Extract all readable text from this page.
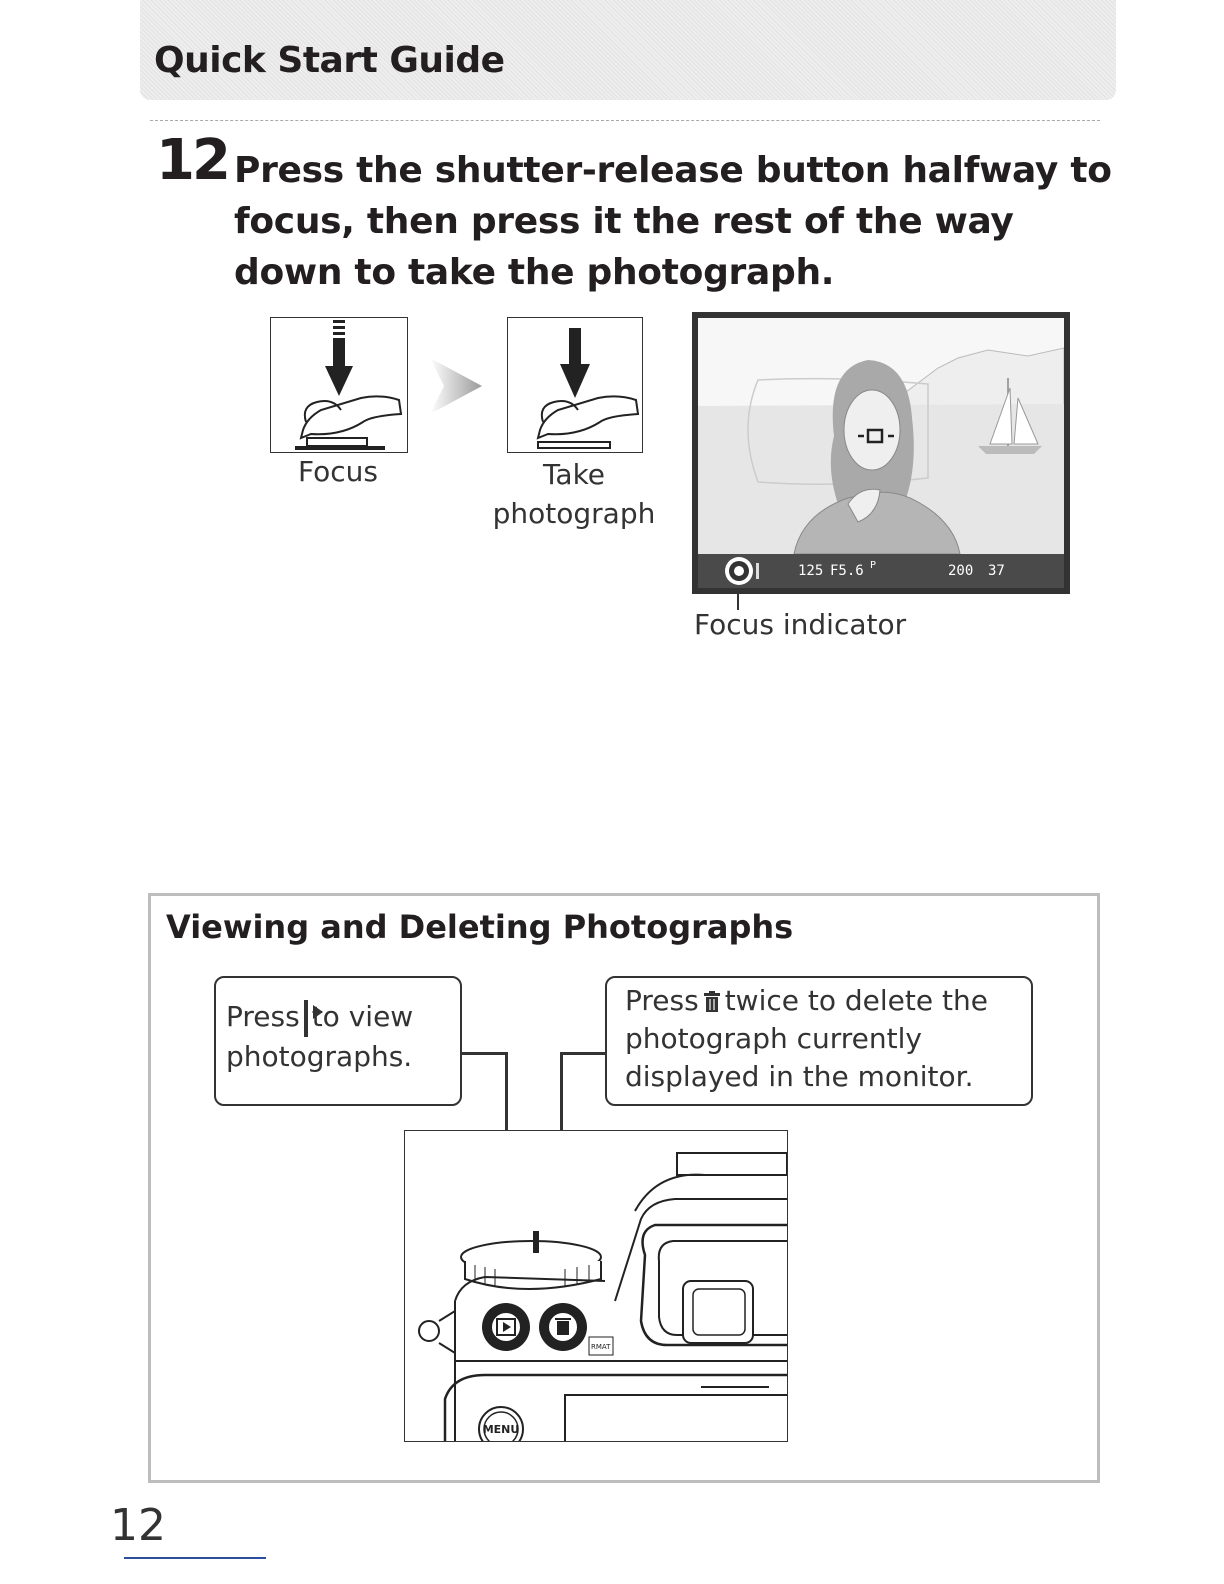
Quick Start Guide
12 Press the shutter-release button halfway to focus, then press it the rest of the way down to take the photograph.
Focus	Take photograph
125 F5.6 P	200 37
Focus indicator
Viewing and Deleting Photographs
Press to view photographs.
Press twice to delete the photograph currently displayed in the monitor.
RMAT
MENU
12
